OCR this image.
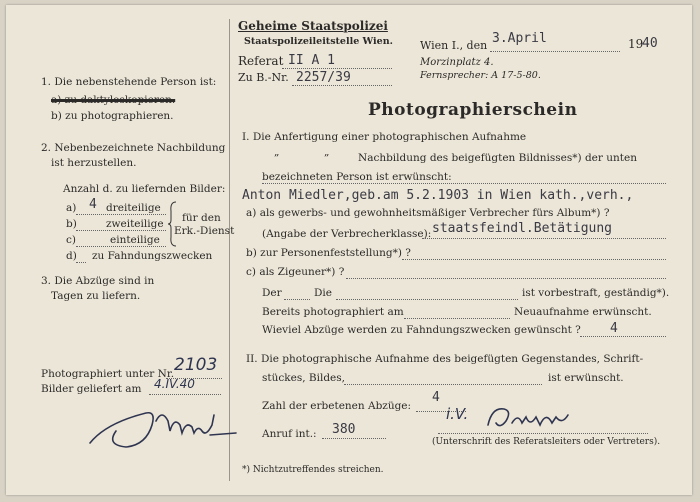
Geheime Staatspolizei
Staatspolizeileitstelle Wien.
Referat II A 1
Zu B.-Nr. 2257/39
Wien I., den 3.April	19
40
Morzinplatz 4.
Fernsprecher: A 17-5-80.
Photographierschein
1. Die nebenstehende Person ist:
a) zu daktyloskopieren.
b) zu photographieren.
2. Nebenbezeichnete Nachbildung
ist herzustellen.
Anzahl d. zu liefernden Bilder:
a) 4 dreiteilige
b)	zweiteilige
c)	einteilige
d) zu Fahndungszwecken
für den
Erk.-Dienst
3. Die Abzüge sind in
Tagen zu liefern.
Photographiert unter Nr. 2103
Bilder geliefert am 4.IV.40
I. Die Anfertigung einer photographischen Aufnahme
„	„	Nachbildung des beigefügten Bildnisses*) der unten
bezeichneten Person ist erwünscht:
Anton Miedler,geb.am 5.2.1903 in Wien kath.,verh.,
a) als gewerbs- und gewohnheitsmäßiger Verbrecher fürs Album*) ?
(Angabe der Verbrecherklasse): staatsfeindl.Betätigung
b) zur Personenfeststellung*) ?
c) als Zigeuner*) ?
Der	Die	ist vorbestraft, geständig*).
Bereits photographiert am	Neuaufnahme erwünscht.
Wieviel Abzüge werden zu Fahndungszwecken gewünscht ? 4
II. Die photographische Aufnahme des beigefügten Gegenstandes, Schrift-
stückes, Bildes,	ist erwünscht.
Zahl der erbetenen Abzüge:
4
Anruf int.: 380
i.V.
(Unterschrift des Referatsleiters oder Vertreters).
*) Nichtzutreffendes streichen.
